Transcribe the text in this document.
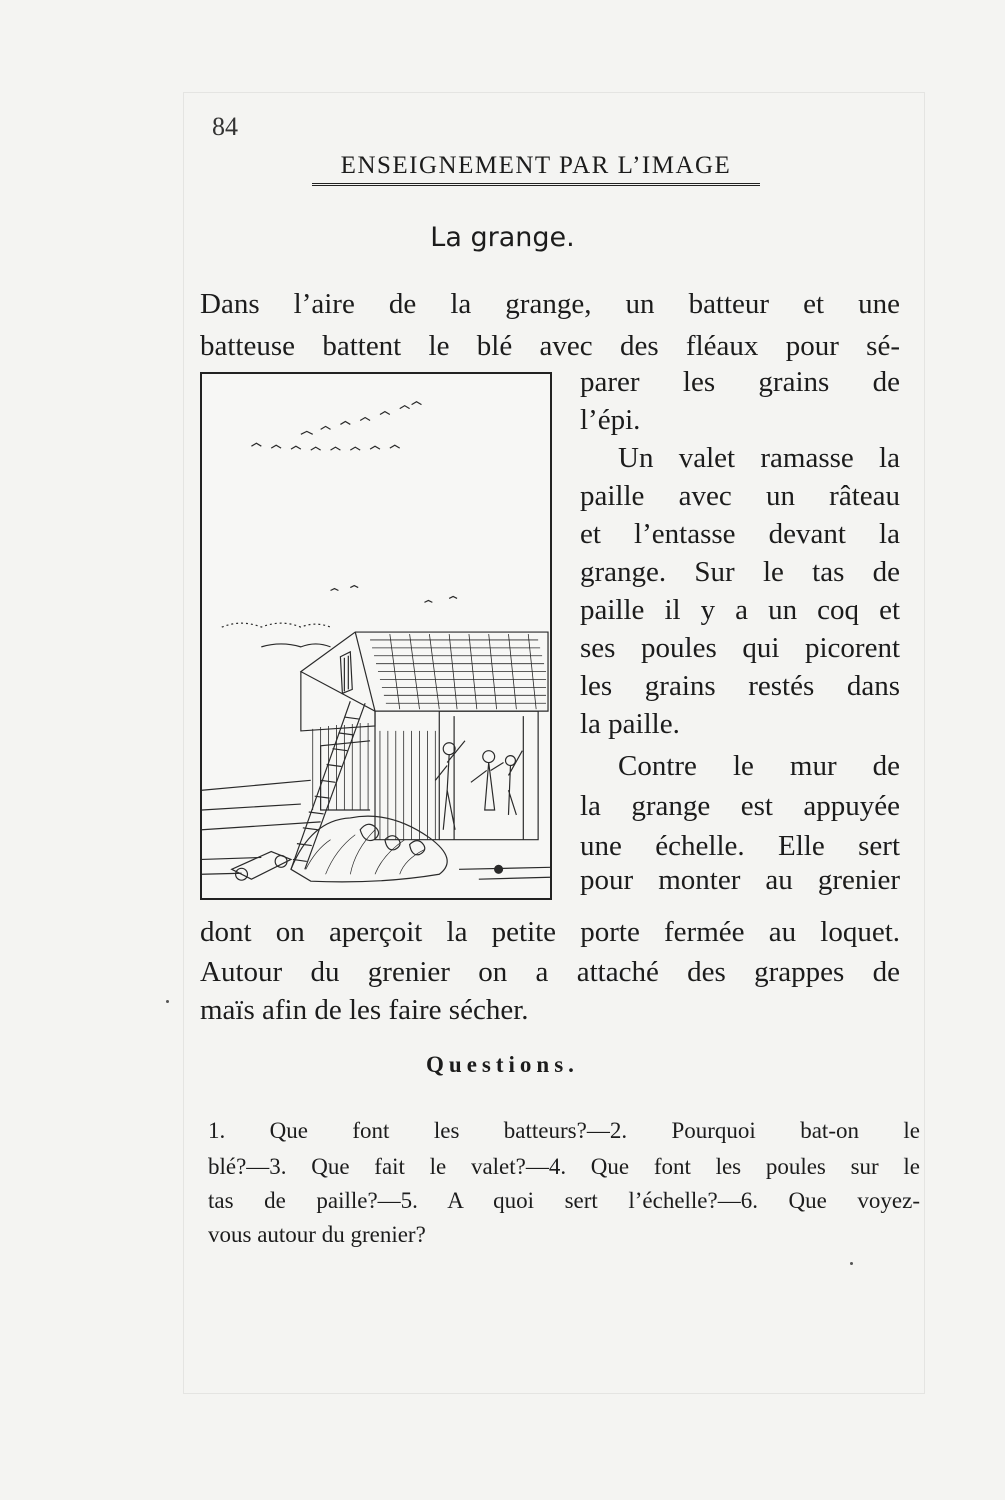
84
ENSEIGNEMENT PAR L’IMAGE
La grange.
Dans l’aire de la grange, un batteur et une
batteuse battent le blé avec des fléaux pour sé-
parer les grains de
l’épi.
Un valet ramasse la
paille avec un râteau
et l’entasse devant la
grange. Sur le tas de
paille il y a un coq et
ses poules qui picorent
les grains restés dans
la paille.
Contre le mur de
la grange est appuyée
une échelle. Elle sert
pour monter au grenier
dont on aperçoit la petite porte fermée au loquet.
Autour du grenier on a attaché des grappes de
maïs afin de les faire sécher.
Questions.
1. Que font les batteurs?—2. Pourquoi bat-on le
blé?—3. Que fait le valet?—4. Que font les poules sur le
tas de paille?—5. A quoi sert l’échelle?—6. Que voyez-
vous autour du grenier?
